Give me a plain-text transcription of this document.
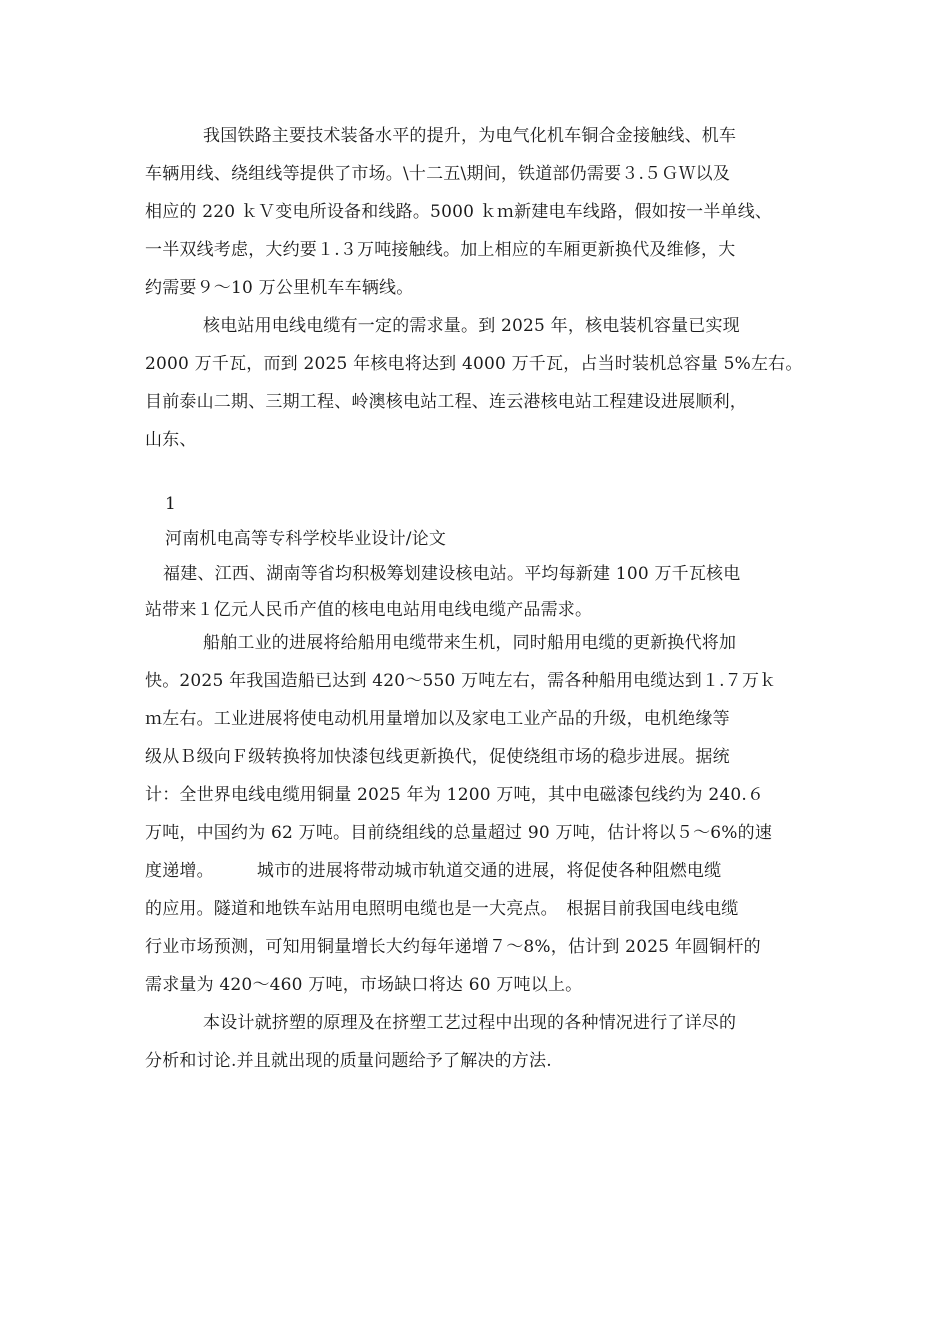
我国铁路主要技术装备水平的提升，为电气化机车铜合金接触线、机车
车辆用线、绕组线等提供了市场。\十二五\期间，铁道部仍需要３.５ＧＷ以及
相应的 220 ｋＶ变电所设备和线路。5000 ｋｍ新建电车线路，假如按一半单线、
一半双线考虑，大约要１.３万吨接触线。加上相应的车厢更新换代及维修，大
约需要９～10 万公里机车车辆线。
核电站用电线电缆有一定的需求量。到 2025 年，核电装机容量已实现
2000 万千瓦，而到 2025 年核电将达到 4000 万千瓦，占当时装机总容量 5%左右。
目前泰山二期、三期工程、岭澳核电站工程、连云港核电站工程建设进展顺利，
山东、
1
河南机电高等专科学校毕业设计/论文
福建、江西、湖南等省均积极筹划建设核电站。平均每新建 100 万千瓦核电
站带来１亿元人民币产值的核电电站用电线电缆产品需求。
船舶工业的进展将给船用电缆带来生机，同时船用电缆的更新换代将加
快。2025 年我国造船已达到 420～550 万吨左右，需各种船用电缆达到１.７万ｋ
ｍ左右。工业进展将使电动机用量增加以及家电工业产品的升级，电机绝缘等
级从Ｂ级向Ｆ级转换将加快漆包线更新换代，促使绕组市场的稳步进展。据统
计：全世界电线电缆用铜量 2025 年为 1200 万吨，其中电磁漆包线约为 240.６
万吨，中国约为 62 万吨。目前绕组线的总量超过 90 万吨，估计将以５～6%的速
度递增。　　　城市的进展将带动城市轨道交通的进展，将促使各种阻燃电缆
的应用。隧道和地铁车站用电照明电缆也是一大亮点。　根据目前我国电线电缆
行业市场预测，可知用铜量增长大约每年递增７～8%，估计到 2025 年圆铜杆的
需求量为 420～460 万吨，市场缺口将达 60 万吨以上。
本设计就挤塑的原理及在挤塑工艺过程中出现的各种情况进行了详尽的
分析和讨论.并且就出现的质量问题给予了解决的方法.
